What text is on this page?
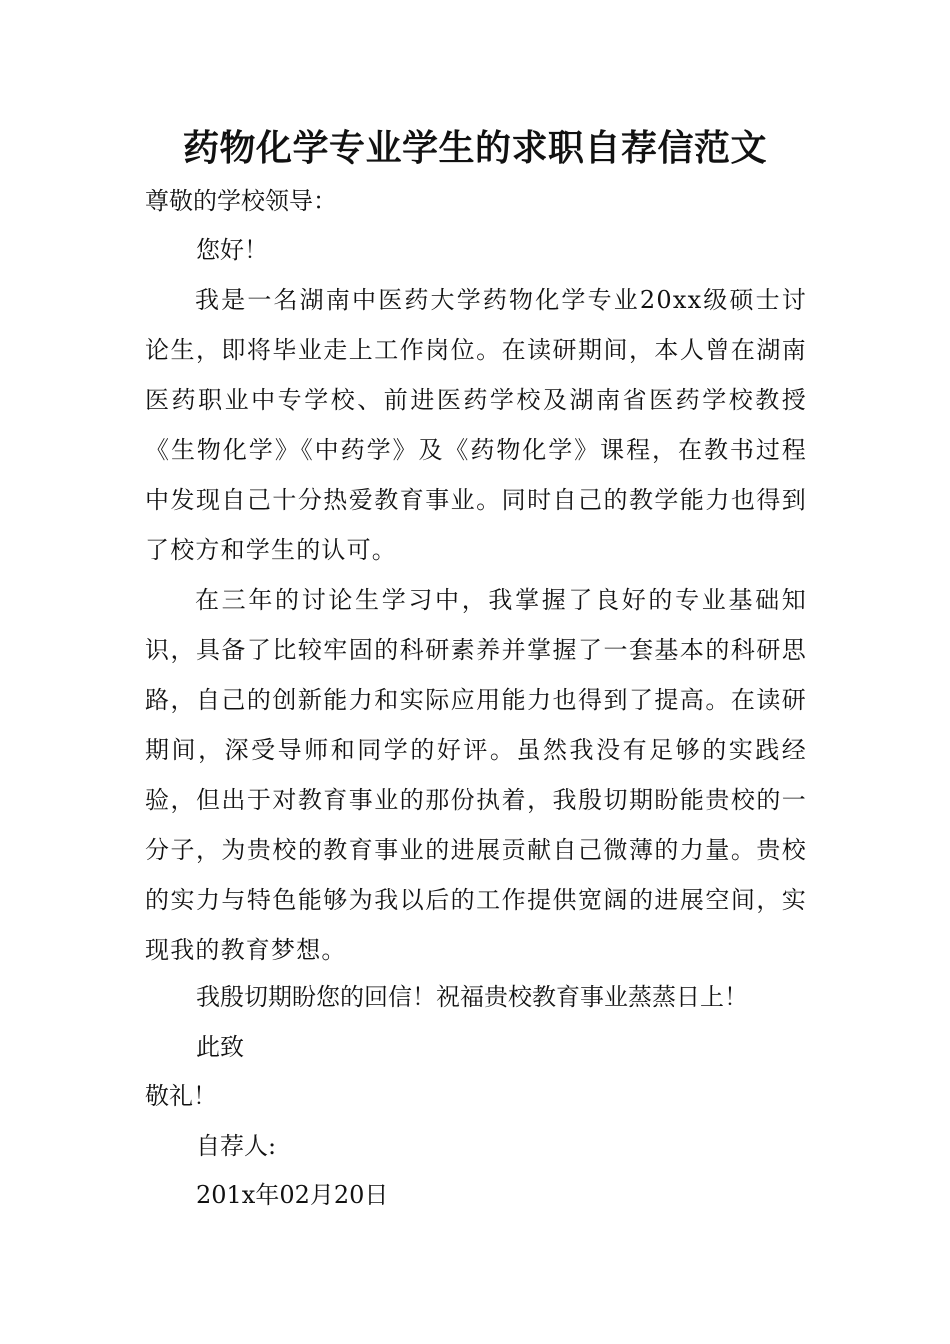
药物化学专业学生的求职自荐信范文
尊敬的学校领导：
您好！

我是一名湖南中医药大学药物化学专业20xx级硕士讨论生，即将毕业走上工作岗位。在读研期间，本人曾在湖南医药职业中专学校、前进医药学校及湖南省医药学校教授《生物化学》《中药学》及《药物化学》课程，在教书过程中发现自己十分热爱教育事业。同时自己的教学能力也得到了校方和学生的认可。

在三年的讨论生学习中，我掌握了良好的专业基础知识，具备了比较牢固的科研素养并掌握了一套基本的科研思路，自己的创新能力和实际应用能力也得到了提高。在读研期间，深受导师和同学的好评。虽然我没有足够的实践经验，但出于对教育事业的那份执着，我殷切期盼能贵校的一分子，为贵校的教育事业的进展贡献自己微薄的力量。贵校的实力与特色能够为我以后的工作提供宽阔的进展空间，实现我的教育梦想。

我殷切期盼您的回信！祝福贵校教育事业蒸蒸日上！
此致
敬礼！
自荐人:
201x年02月20日
